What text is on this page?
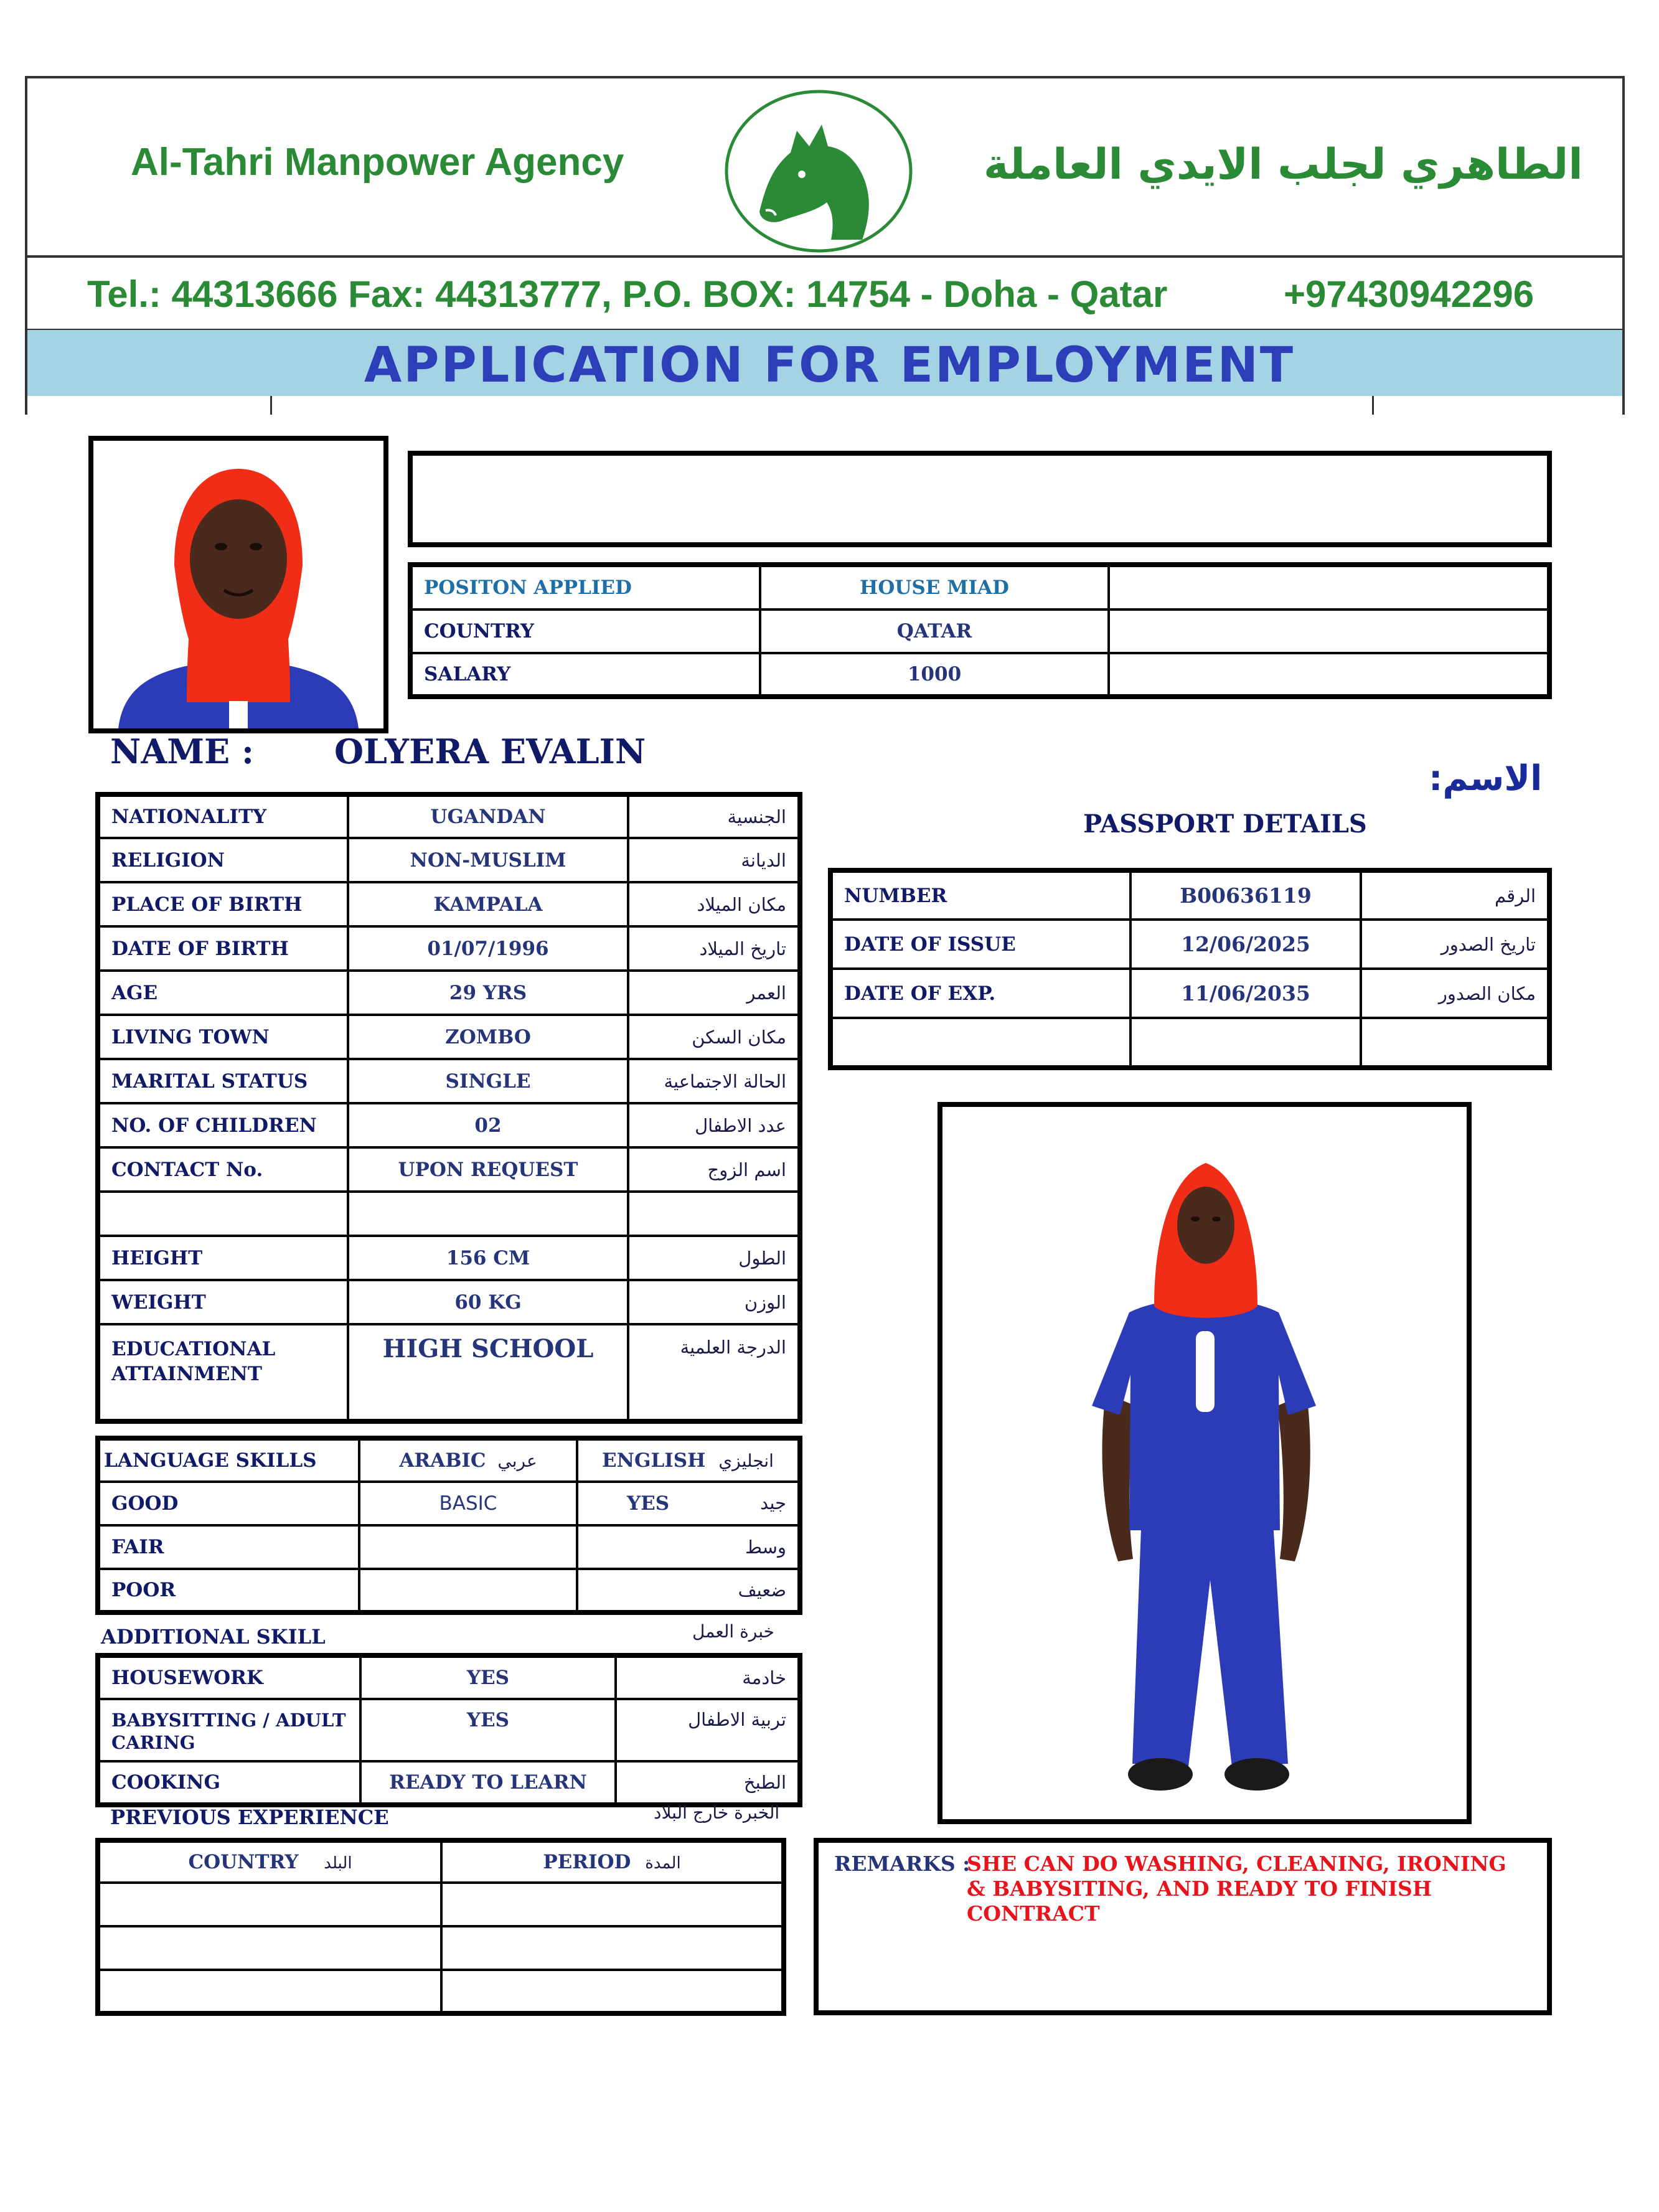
Al-Tahri Manpower Agency	الطاهري لجلب الايدي العاملة
Tel.: 44313666 Fax: 44313777, P.O. BOX: 14754 - Doha - Qatar	+97430942296
APPLICATION FOR EMPLOYMENT
POSITON APPLIED	HOUSE MIAD	
COUNTRY	QATAR	
SALARY	1000	
NAME : OLYERA EVALIN
الاسم:
NATIONALITY	UGANDAN	الجنسية
RELIGION	NON-MUSLIM	الديانة
PLACE OF BIRTH	KAMPALA	مكان الميلاد
DATE OF BIRTH	01/07/1996	تاريخ الميلاد
AGE	29 YRS	العمر
LIVING TOWN	ZOMBO	مكان السكن
MARITAL STATUS	SINGLE	الحالة الاجتماعية
NO. OF CHILDREN	02	عدد الاطفال
CONTACT No.	UPON REQUEST	اسم الزوج

HEIGHT	156 CM	الطول
WEIGHT	60 KG	الوزن

EDUCATIONAL
ATTAINMENT	HIGH SCHOOL	الدرجة العلمية
PASSPORT DETAILS
NUMBER	B00636119	الرقم
DATE OF ISSUE	12/06/2025	تاريخ الصدور
DATE OF EXP.	11/06/2035	مكان الصدور

LANGUAGE SKILLS	ARABIC عربي	ENGLISH انجليزي
GOOD	BASIC	YES جيد

FAIR		وسط

POOR		ضعيف
ADDITIONAL SKILL	خبرة العمل
HOUSEWORK	YES	خادمة
BABYSITTING / ADULT CARING	YES	تربية الاطفال
COOKING	READY TO LEARN	الطبخ
PREVIOUS EXPERIENCE	الخبرة خارج البلاد
COUNTRY البلد	PERIOD المدة

		REMARKS :
SHE CAN DO WASHING, CLEANING, IRONING & BABYSITING, AND READY TO FINISH CONTRACT
